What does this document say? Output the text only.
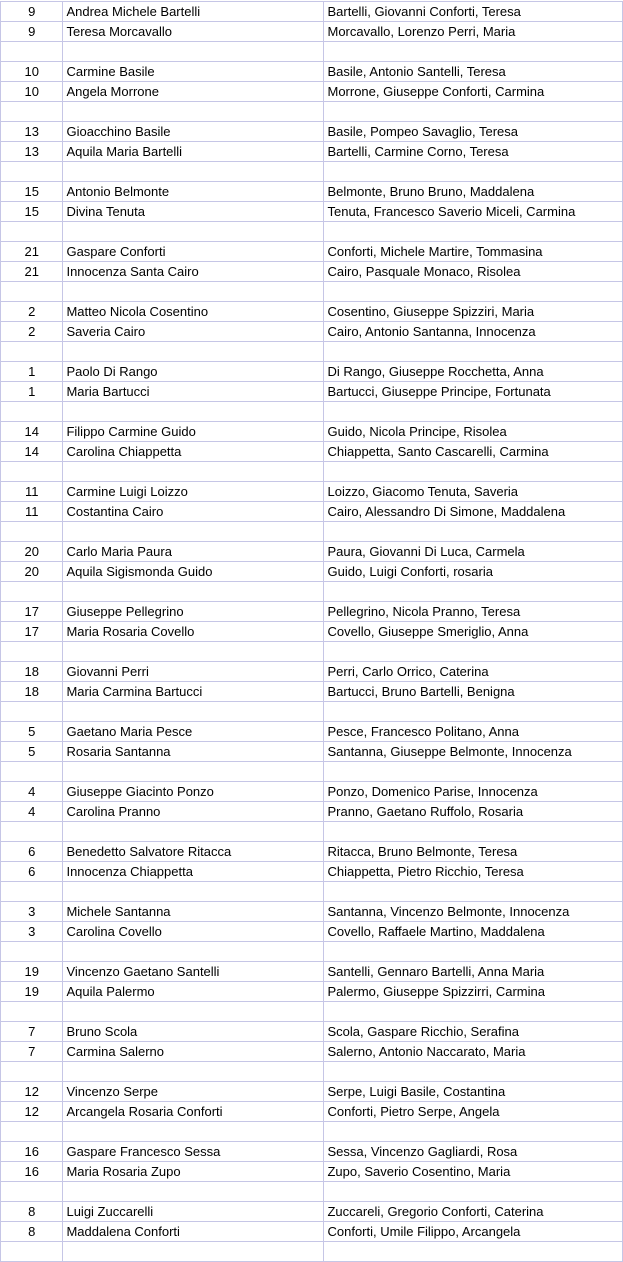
9	Andrea Michele Bartelli	Bartelli, Giovanni Conforti, Teresa
9	Teresa Morcavallo	Morcavallo, Lorenzo Perri, Maria

10	Carmine Basile	Basile, Antonio Santelli, Teresa
10	Angela Morrone	Morrone, Giuseppe Conforti, Carmina

13	Gioacchino Basile	Basile, Pompeo Savaglio, Teresa
13	Aquila Maria Bartelli	Bartelli, Carmine Corno, Teresa

15	Antonio Belmonte	Belmonte, Bruno Bruno, Maddalena
15	Divina Tenuta	Tenuta, Francesco Saverio Miceli, Carmina

21	Gaspare Conforti	Conforti, Michele Martire, Tommasina
21	Innocenza Santa Cairo	Cairo, Pasquale Monaco, Risolea

2	Matteo Nicola Cosentino	Cosentino, Giuseppe Spizziri, Maria
2	Saveria Cairo	Cairo, Antonio Santanna, Innocenza

1	Paolo Di Rango	Di Rango, Giuseppe Rocchetta, Anna
1	Maria Bartucci	Bartucci, Giuseppe Principe, Fortunata

14	Filippo Carmine Guido	Guido, Nicola Principe, Risolea
14	Carolina Chiappetta	Chiappetta, Santo Cascarelli, Carmina

11	Carmine Luigi Loizzo	Loizzo, Giacomo Tenuta, Saveria
11	Costantina Cairo	Cairo, Alessandro Di Simone, Maddalena

20	Carlo Maria Paura	Paura, Giovanni Di Luca, Carmela
20	Aquila Sigismonda Guido	Guido, Luigi Conforti, rosaria

17	Giuseppe Pellegrino	Pellegrino, Nicola Pranno, Teresa
17	Maria Rosaria Covello	Covello, Giuseppe Smeriglio, Anna

18	Giovanni Perri	Perri, Carlo Orrico, Caterina
18	Maria Carmina Bartucci	Bartucci, Bruno Bartelli, Benigna

5	Gaetano Maria Pesce	Pesce, Francesco Politano, Anna
5	Rosaria Santanna	Santanna, Giuseppe Belmonte, Innocenza

4	Giuseppe Giacinto Ponzo	Ponzo, Domenico Parise, Innocenza
4	Carolina Pranno	Pranno, Gaetano Ruffolo, Rosaria

6	Benedetto Salvatore Ritacca	Ritacca, Bruno Belmonte, Teresa
6	Innocenza Chiappetta	Chiappetta, Pietro Ricchio, Teresa

3	Michele Santanna	Santanna, Vincenzo Belmonte, Innocenza
3	Carolina Covello	Covello, Raffaele Martino, Maddalena

19	Vincenzo Gaetano Santelli	Santelli, Gennaro Bartelli, Anna Maria
19	Aquila Palermo	Palermo, Giuseppe Spizzirri, Carmina

7	Bruno Scola	Scola, Gaspare Ricchio, Serafina
7	Carmina Salerno	Salerno, Antonio Naccarato, Maria

12	Vincenzo Serpe	Serpe, Luigi Basile, Costantina
12	Arcangela Rosaria Conforti	Conforti, Pietro Serpe, Angela

16	Gaspare Francesco Sessa	Sessa, Vincenzo Gagliardi, Rosa
16	Maria Rosaria Zupo	Zupo, Saverio Cosentino, Maria

8	Luigi Zuccarelli	Zuccareli, Gregorio Conforti, Caterina
8	Maddalena Conforti	Conforti, Umile Filippo, Arcangela
